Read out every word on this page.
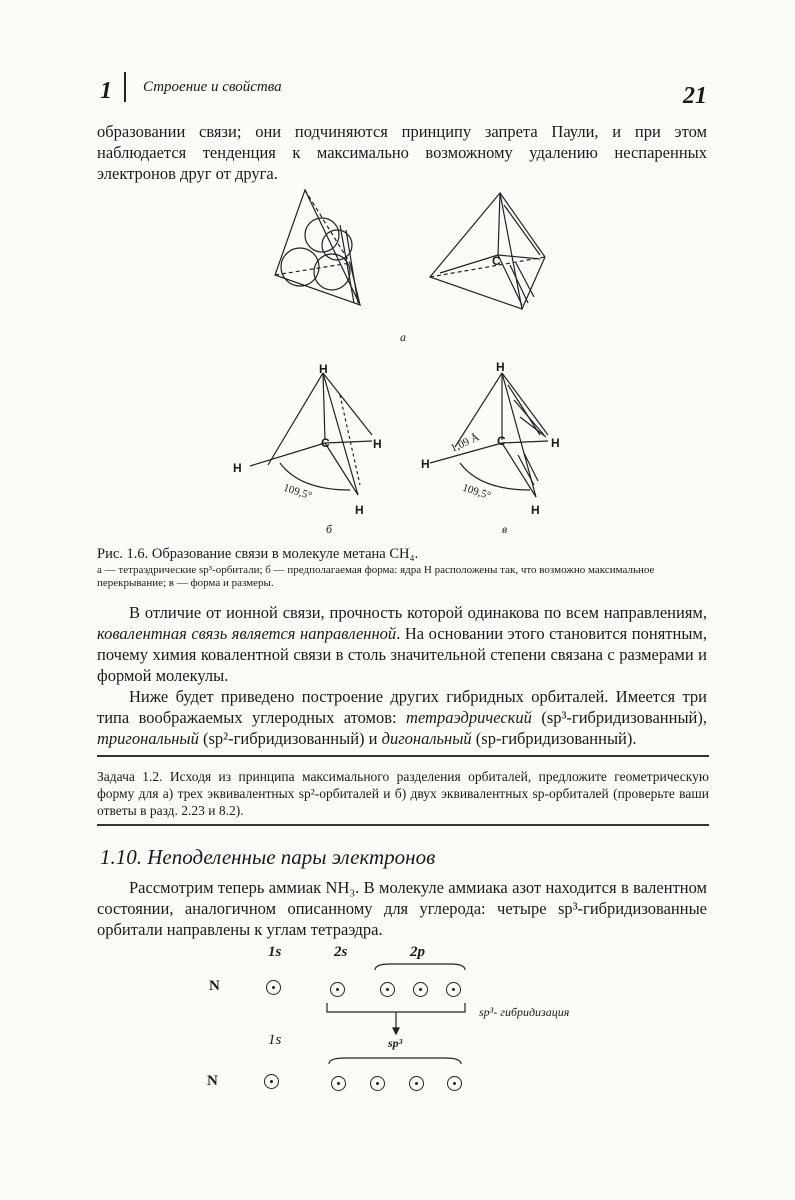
1 Строение и свойства	21

образовании связи; они подчиняются принципу запрета Паули, и при этом наблюдается тенденция к максимально возможному удалению неспаренных электронов друг от друга.

а
C
H
C	H
H
H
109,5°
б
H
C	H
H
H
1,09 Å
109,5°
в
Рис. 1.6. Образование связи в молекуле метана CH₄.
а — тетраэдрические sp³-орбитали; б — предполагаемая форма: ядра H расположены так, что возможно максимальное перекрывание; в — форма и размеры.

В отличие от ионной связи, прочность которой одинакова по всем направлениям, ковалентная связь является направленной. На основании этого становится понятным, почему химия ковалентной связи в столь значительной степени связана с размерами и формой молекулы.

Ниже будет приведено построение других гибридных орбиталей. Имеется три типа воображаемых углеродных атомов: тетраэдрический (sp³-гибридизованный), тригональный (sp²-гибридизованный) и дигональный (sp-гибридизованный).

Задача 1.2. Исходя из принципа максимального разделения орбиталей, предложите геометрическую форму для а) трех эквивалентных sp²-орбиталей и б) двух эквивалентных sp-орбиталей (проверьте ваши ответы в разд. 2.23 и 8.2).

1.10. Неподеленные пары электронов

Рассмотрим теперь аммиак NH₃. В молекуле аммиака азот находится в валентном состоянии, аналогичном описанному для углерода: четыре sp³-гибридизованные орбитали направлены к углам тетраэдра.

1s	2s	2p
N
sp³- гибридизация
1s	sp³
N
